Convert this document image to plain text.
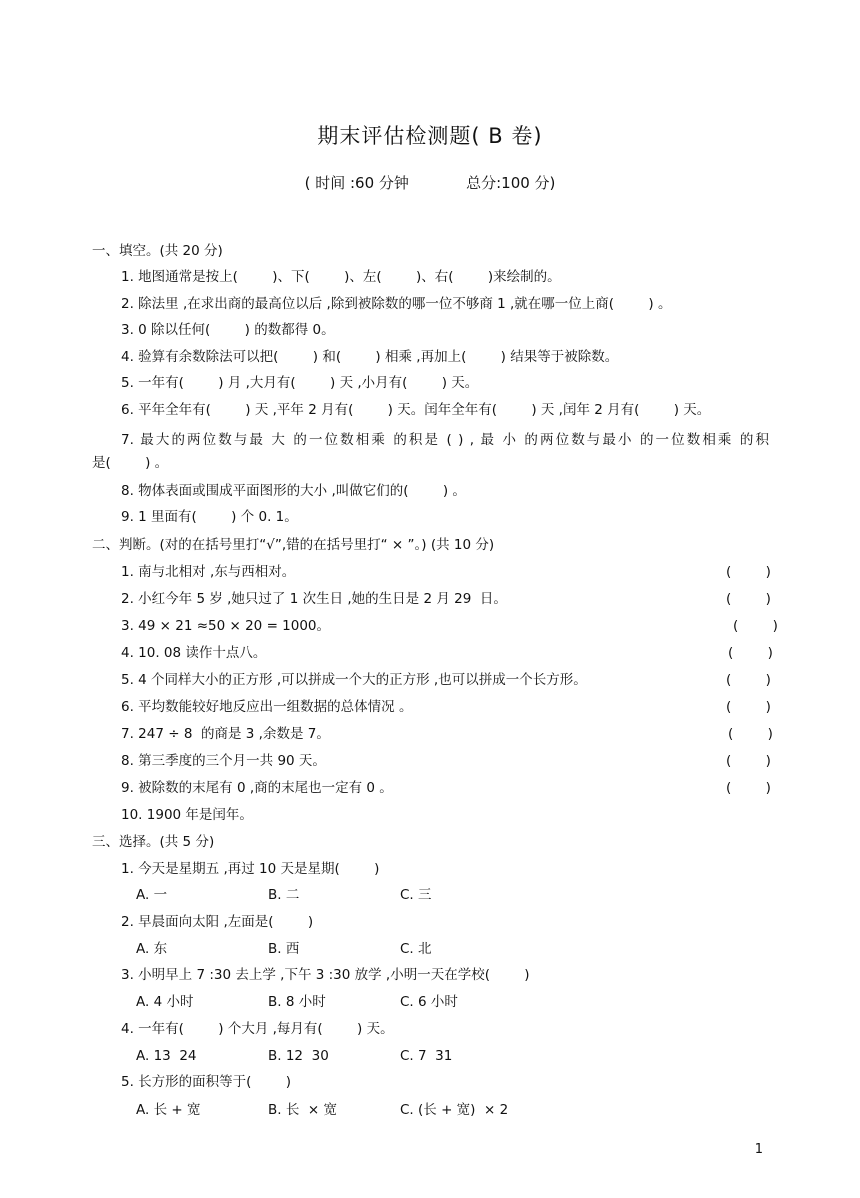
期末评估检测题( B 卷)
( 时间 :60 分钟            总分:100 分)

一、填空。(共 20 分)

1. 地图通常是按上(        )、下(        )、左(        )、右(        )来绘制的。

2. 除法里 ,在求出商的最高位以后 ,除到被除数的哪一位不够商 1 ,就在哪一位上商(        ) 。

3. 0 除以任何(        ) 的数都得 0。

4. 验算有余数除法可以把(        ) 和(        ) 相乘 ,再加上(        ) 结果等于被除数。

5. 一年有(        ) 月 ,大月有(        ) 天 ,小月有(        ) 天。

6. 平年全年有(        ) 天 ,平年 2 月有(        ) 天。闰年全年有(        ) 天 ,闰年 2 月有(        ) 天。

7. 最大的两位数与最 大 的一位数相乘 的积是 ( ) , 最 小 的两位数与最小 的一位数相乘 的积

是(        ) 。

8. 物体表面或围成平面图形的大小 ,叫做它们的(        ) 。

9. 1 里面有(        ) 个 0. 1。

二、判断。(对的在括号里打“√”,错的在括号里打“ × ”。) (共 10 分)

1. 南与北相对 ,东与西相对。	(        )

2. 小红今年 5 岁 ,她只过了 1 次生日 ,她的生日是 2 月 29  日。	(        )

3. 49 × 21 ≈50 × 20 = 1000。	(        )

4. 10. 08 读作十点八。	(        )

5. 4 个同样大小的正方形 ,可以拼成一个大的正方形 ,也可以拼成一个长方形。	(        )

6. 平均数能较好地反应出一组数据的总体情况 。	(        )

7. 247 ÷ 8  的商是 3 ,余数是 7。	(        )

8. 第三季度的三个月一共 90 天。	(        )

9. 被除数的末尾有 0 ,商的末尾也一定有 0 。	(        )

10. 1900 年是闰年。

三、选择。(共 5 分)

1. 今天是星期五 ,再过 10 天是星期(        )

A. 一	B. 二	C. 三

2. 早晨面向太阳 ,左面是(        )

A. 东	B. 西	C. 北

3. 小明早上 7 :30 去上学 ,下午 3 :30 放学 ,小明一天在学校(        )

A. 4 小时	B. 8 小时	C. 6 小时

4. 一年有(        ) 个大月 ,每月有(        ) 天。

A. 13  24	B. 12  30	C. 7  31

5. 长方形的面积等于(        )

A. 长 + 宽	B. 长  × 宽	C. (长 + 宽)  × 2
1
